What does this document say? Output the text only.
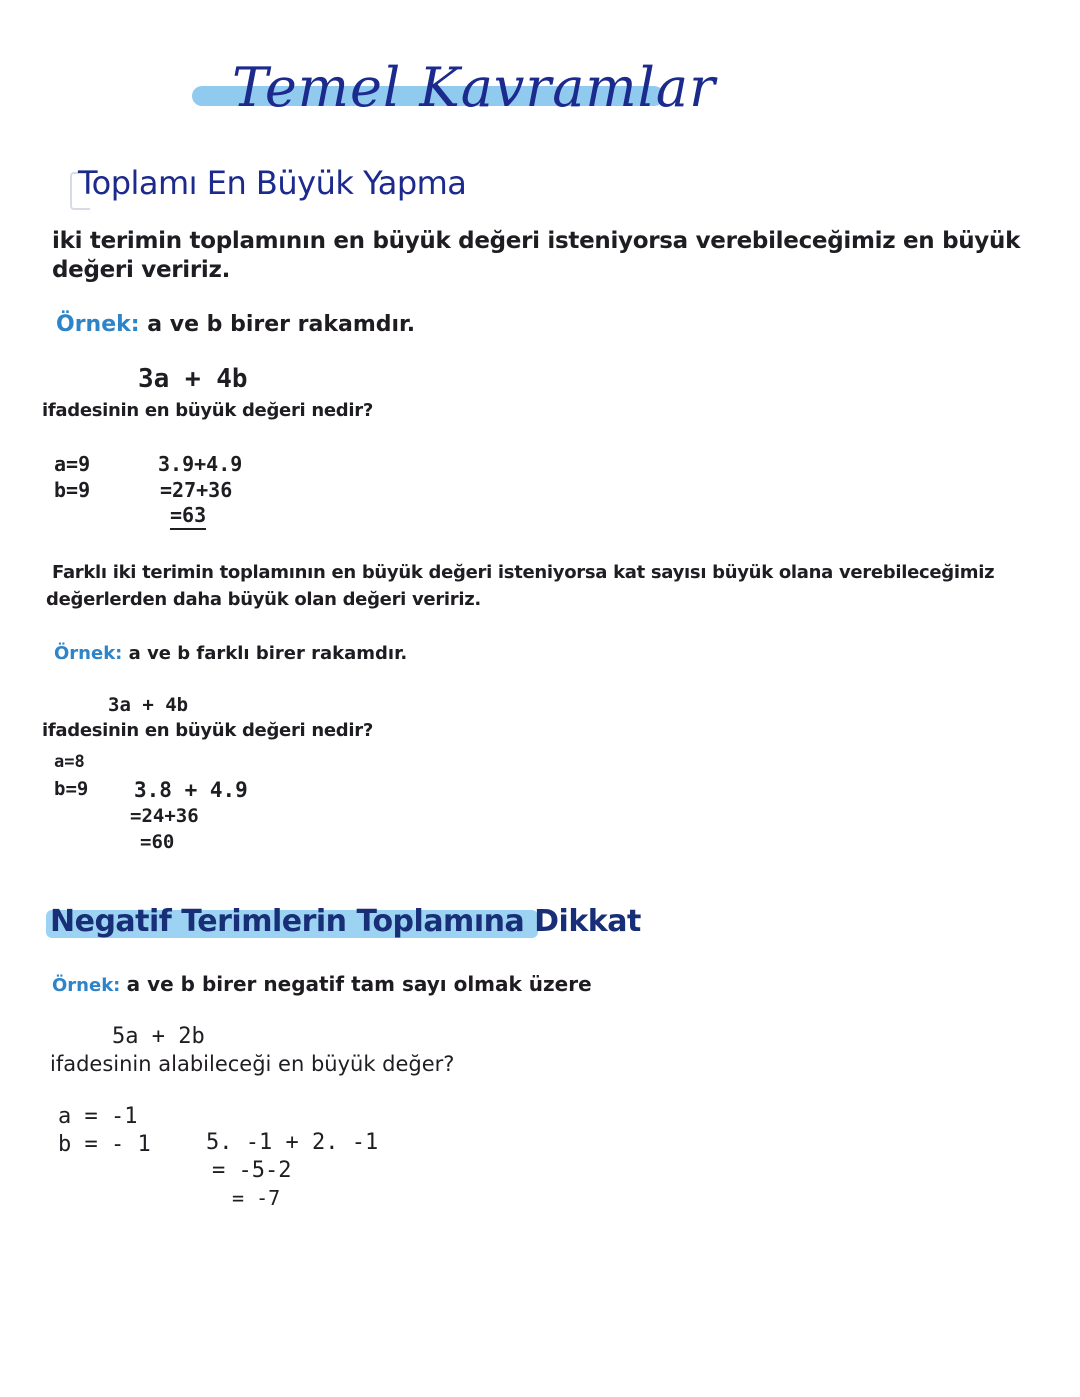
Temel Kavramlar
Toplamı En Büyük Yapma
iki terimin toplamının en büyük değeri isteniyorsa verebileceğimiz en büyük
değeri veririz.
Örnek: a ve b birer rakamdır.
3a + 4b
ifadesinin en büyük değeri nedir?
a=9
b=9
3.9+4.9
=27+36
=63
Farklı iki terimin toplamının en büyük değeri isteniyorsa kat sayısı büyük olana verebileceğimiz
değerlerden daha büyük olan değeri veririz.
Örnek: a ve b farklı birer rakamdır.
3a + 4b
ifadesinin en büyük değeri nedir?
a=8
b=9 3.8 + 4.9
=24+36
=60
Negatif Terimlerin Toplamına Dikkat
Örnek: a ve b birer negatif tam sayı olmak üzere
5a + 2b
ifadesinin alabileceği en büyük değer?
a = -1
b = - 1	5. -1 + 2. -1
= -5-2
= -7
